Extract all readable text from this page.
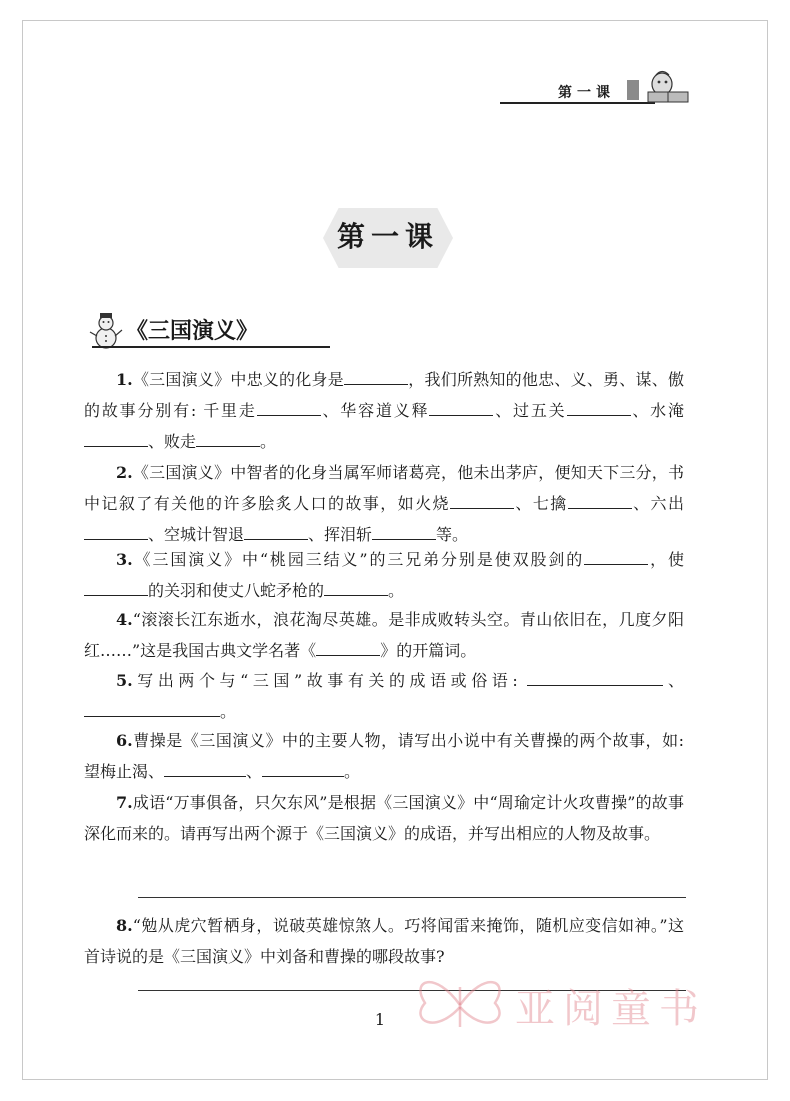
第一课
第一课
《三国演义》

1.《三国演义》中忠义的化身是	，我们所熟知的他忠、义、勇、谋、傲的故事分别有: 千里走	、华容道义释	、过五关	、水淹、败走	。

2.《三国演义》中智者的化身当属军师诸葛亮，他未出茅庐，便知天下三分，书中记叙了有关他的许多脍炙人口的故事，如火烧	、七擒	、六出、空城计智退	、挥泪斩	等。

3.《三国演义》中“桃园三结义”的三兄弟分别是使双股剑的	，使的关羽和使丈八蛇矛枪的	。

4.“滚滚长江东逝水，浪花淘尽英雄。是非成败转头空。青山依旧在，几度夕阳红……”这是我国古典文学名著《	》的开篇词。

5.写出两个与“三国”故事有关的成语或俗语:	、。

6.曹操是《三国演义》中的主要人物，请写出小说中有关曹操的两个故事，如: 望梅止渴、	、	。

7.成语“万事俱备，只欠东风”是根据《三国演义》中“周瑜定计火攻曹操”的故事深化而来的。请再写出两个源于《三国演义》的成语，并写出相应的人物及故事。

8.“勉从虎穴暂栖身，说破英雄惊煞人。巧将闻雷来掩饰，随机应变信如神。”这首诗说的是《三国演义》中刘备和曹操的哪段故事?

1	亚阅童书
